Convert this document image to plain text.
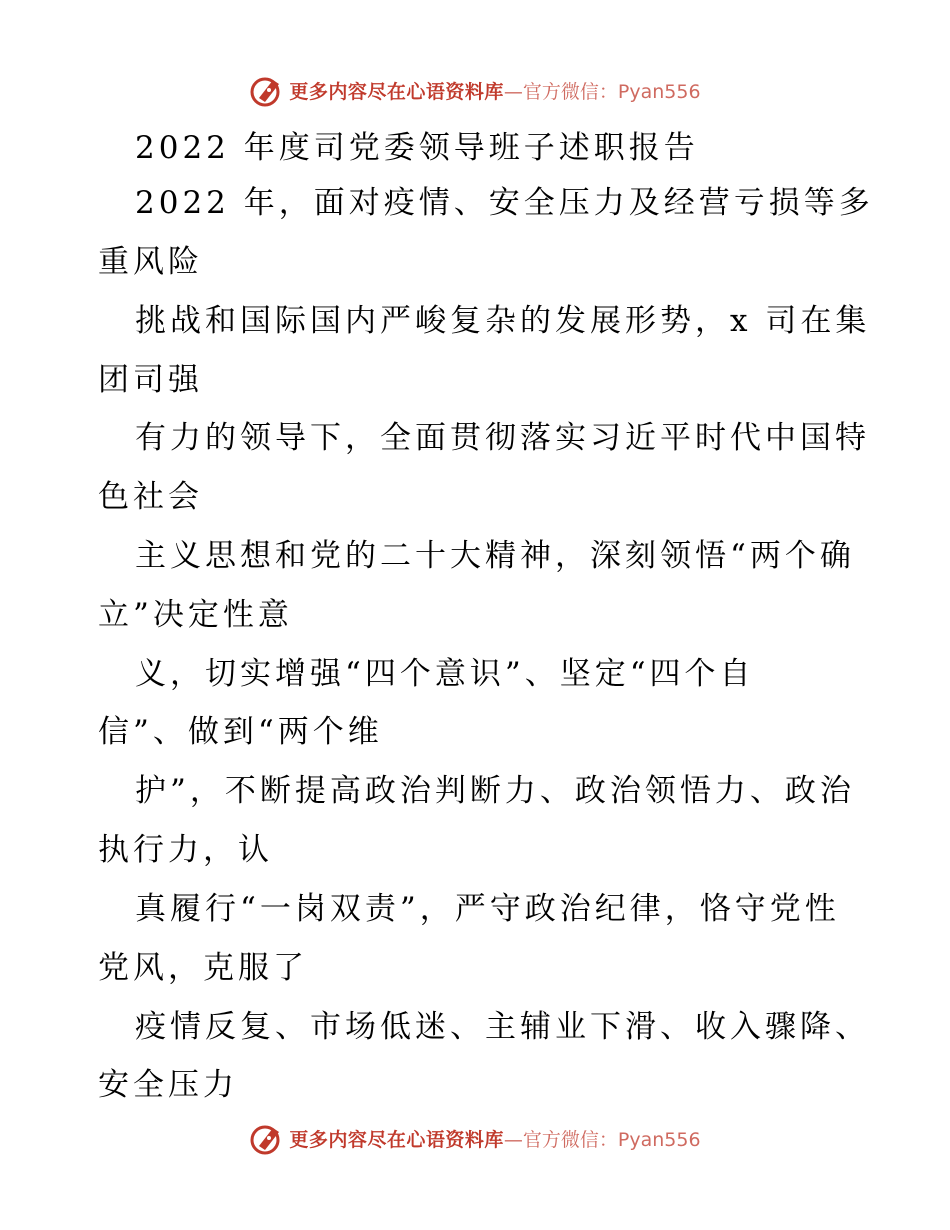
更多内容尽在心语资料库 —官方微信：Pyan556
2022 年度司党委领导班子述职报告
2022 年，面对疫情、安全压力及经营亏损等多
重风险
挑战和国际国内严峻复杂的发展形势，x 司在集
团司强
有力的领导下，全面贯彻落实习近平时代中国特
色社会
主义思想和党的二十大精神，深刻领悟“两个确
立”决定性意
义，切实增强“四个意识”、坚定“四个自
信”、做到“两个维
护”，不断提高政治判断力、政治领悟力、政治
执行力，认
真履行“一岗双责”，严守政治纪律，恪守党性
党风，克服了
疫情反复、市场低迷、主辅业下滑、收入骤降、
安全压力
更多内容尽在心语资料库 —官方微信：Pyan556
